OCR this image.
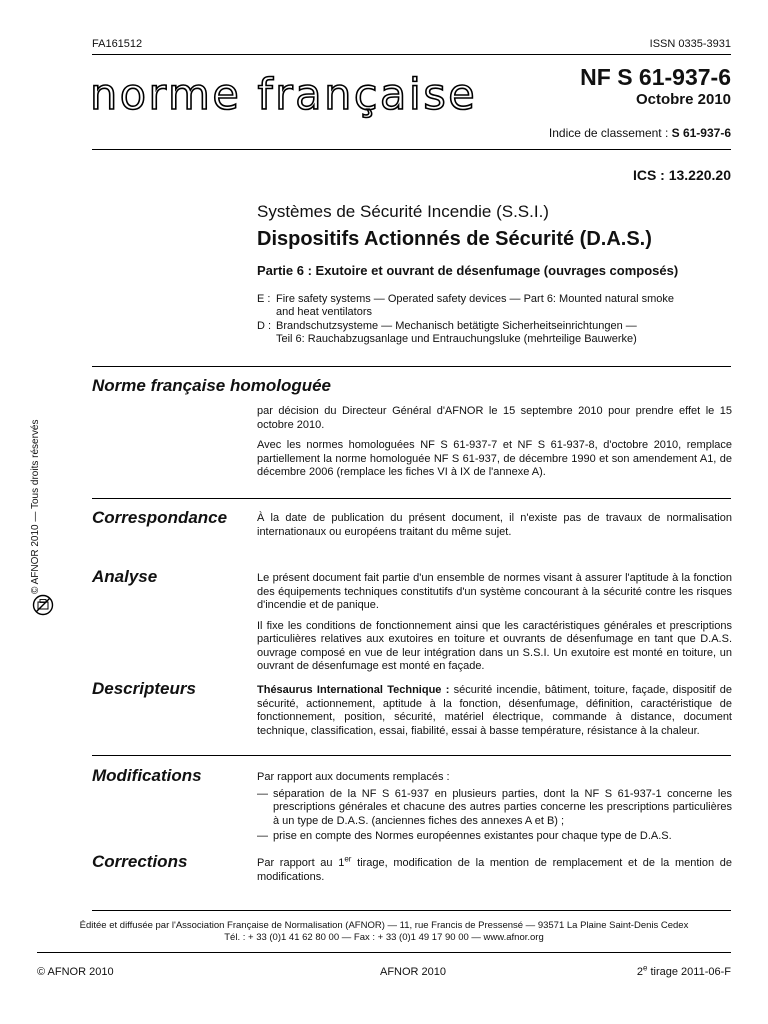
FA161512	ISSN 0335-3931
norme française	NF S 61-937-6
Octobre 2010
Indice de classement : S 61-937-6
ICS : 13.220.20
Systèmes de Sécurité Incendie (S.S.I.)
Dispositifs Actionnés de Sécurité (D.A.S.)
Partie 6 : Exutoire et ouvrant de désenfumage (ouvrages composés)
E : Fire safety systems — Operated safety devices — Part 6: Mounted natural smoke
and heat ventilators
D : Brandschutzsysteme — Mechanisch betätigte Sicherheitseinrichtungen —
Teil 6: Rauchabzugsanlage und Entrauchungsluke (mehrteilige Bauwerke)
© AFNOR 2010 — Tous droits réservés
Norme française homologuée

par décision du Directeur Général d'AFNOR le 15 septembre 2010 pour prendre effet le 15 octobre 2010.

Avec les normes homologuées NF S 61-937-7 et NF S 61-937-8, d'octobre 2010, remplace partiellement la norme homologuée NF S 61-937, de décembre 1990 et son amendement A1, de décembre 2006 (remplace les fiches VI à IX de l'annexe A).

Correspondance	À la date de publication du présent document, il n'existe pas de travaux de normalisation internationaux ou européens traitant du même sujet.

Analyse	Le présent document fait partie d'un ensemble de normes visant à assurer l'aptitude à la fonction des équipements techniques constitutifs d'un système concourant à la sécurité contre les risques d'incendie et de panique.

Il fixe les conditions de fonctionnement ainsi que les caractéristiques générales et prescriptions particulières relatives aux exutoires en toiture et ouvrants de désenfumage en tant que D.A.S. ouvrage composé en vue de leur intégration dans un S.S.I. Un exutoire est monté en toiture, un ouvrant de désenfumage est monté en façade.

Descripteurs	Thésaurus International Technique : sécurité incendie, bâtiment, toiture, façade, dispositif de sécurité, actionnement, aptitude à la fonction, désenfumage, définition, caractéristique de fonctionnement, position, sécurité, matériel électrique, commande à distance, document technique, classification, essai, fiabilité, essai à basse température, résistance à la chaleur.

Modifications	Par rapport aux documents remplacés :

— séparation de la NF S 61-937 en plusieurs parties, dont la NF S 61-937-1 concerne les prescriptions générales et chacune des autres parties concerne les prescriptions particulières à un type de D.A.S. (anciennes fiches des annexes A et B) ;
— prise en compte des Normes européennes existantes pour chaque type de D.A.S.
Corrections	Par rapport au 1er tirage, modification de la mention de remplacement et de la mention de modifications.

Éditée et diffusée par l'Association Française de Normalisation (AFNOR) — 11, rue Francis de Pressensé — 93571 La Plaine Saint-Denis Cedex
Tél. : + 33 (0)1 41 62 80 00 — Fax : + 33 (0)1 49 17 90 00 — www.afnor.org
© AFNOR 2010	AFNOR 2010	2e tirage 2011-06-F
